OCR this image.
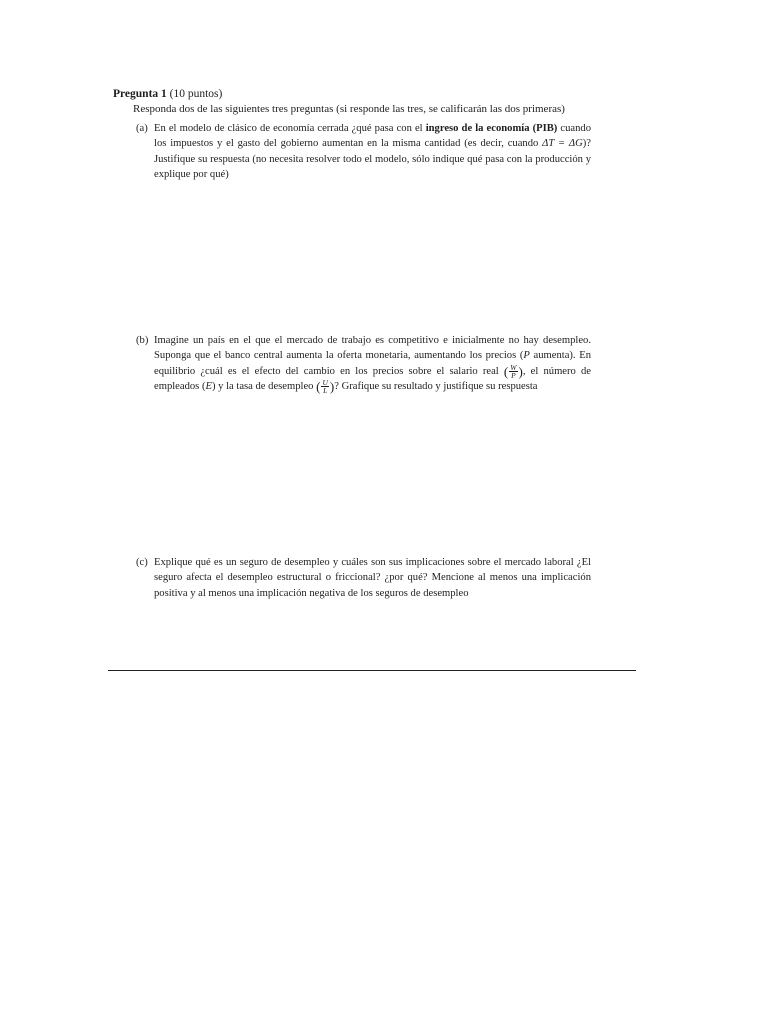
Pregunta 1 (10 puntos)
Responda dos de las siguientes tres preguntas (si responde las tres, se calificarán las dos primeras)
(a) En el modelo de clásico de economía cerrada ¿qué pasa con el ingreso de la economía (PIB) cuando los impuestos y el gasto del gobierno aumentan en la misma cantidad (es decir, cuando ΔT = ΔG)? Justifique su respuesta (no necesita resolver todo el modelo, sólo indique qué pasa con la producción y explique por qué)
(b) Imagine un país en el que el mercado de trabajo es competitivo e inicialmente no hay desempleo. Suponga que el banco central aumenta la oferta monetaria, aumentando los precios (P aumenta). En equilibrio ¿cuál es el efecto del cambio en los precios sobre el salario real ( $\frac{W}{P}$ ), el número de empleados (E) y la tasa de desempleo ( $\frac{U}{L}$ )? Grafique su resultado y justifique su respuesta
(c) Explique qué es un seguro de desempleo y cuáles son sus implicaciones sobre el mercado laboral ¿El seguro afecta el desempleo estructural o friccional? ¿por qué? Mencione al menos una implicación positiva y al menos una implicación negativa de los seguros de desempleo
